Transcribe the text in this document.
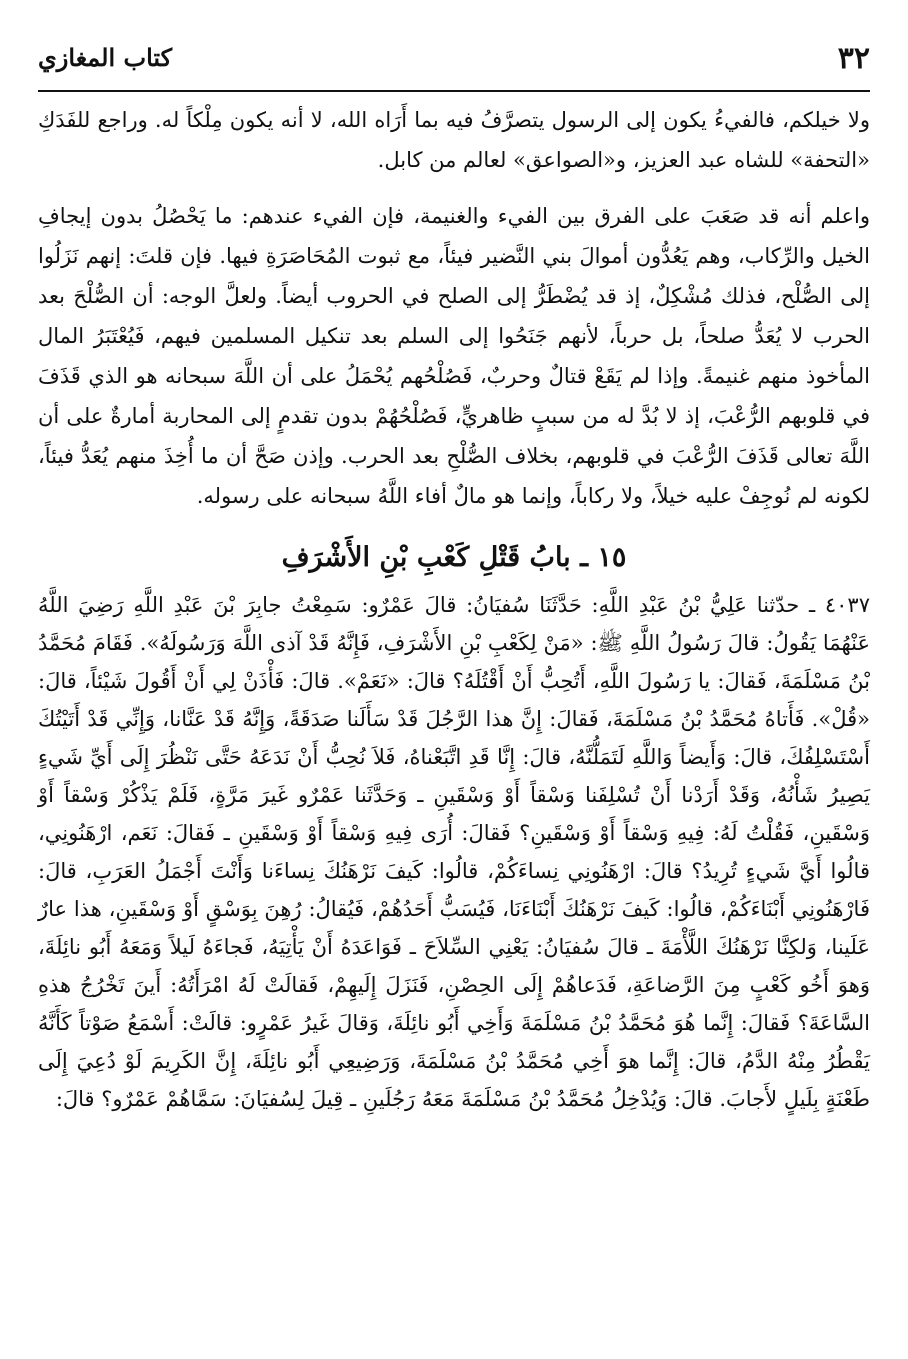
٣٢
كتاب المغازي

ولا خيلكم، فالفيءُ يكون إلى الرسول يتصرَّفُ فيه بما أَرَاه الله، لا أنه يكون مِلْكاً له. وراجع للفَدَكِ «التحفة» للشاه عبد العزيز، و«الصواعق» لعالم من كابل.

واعلم أنه قد صَعَبَ على الفرق بين الفيء والغنيمة، فإن الفيء عندهم: ما يَحْصُلُ بدون إيجافِ الخيل والرِّكاب، وهم يَعُدُّون أموالَ بني النَّضير فيئاً، مع ثبوت المُحَاصَرَةِ فيها. فإن قلتَ: إنهم نَزَلُوا إلى الصُّلْح، فذلك مُشْكِلٌ، إذ قد يُضْطَرُّ إلى الصلح في الحروب أيضاً. ولعلَّ الوجه: أن الصُّلْحَ بعد الحرب لا يُعَدُّ صلحاً، بل حرباً، لأنهم جَنَحُوا إلى السلم بعد تنكيل المسلمين فيهم، فَيُعْتَبَرُ المال المأخوذ منهم غنيمةً. وإذا لم يَقَعْ قتالٌ وحربٌ، فَصُلْحُهم يُحْمَلُ على أن اللَّهَ سبحانه هو الذي قَذَفَ في قلوبهم الرُّعْبَ، إذ لا بُدَّ له من سببٍ ظاهريٍّ، فَصُلْحُهُمْ بدون تقدمٍ إلى المحاربة أمارةٌ على أن اللَّهَ تعالى قَذَفَ الرُّعْبَ في قلوبهم، بخلاف الصُّلْحِ بعد الحرب. وإذن صَحَّ أن ما أُخِذَ منهم يُعَدُّ فيئاً، لكونه لم نُوجِفْ عليه خيلاً، ولا ركاباً، وإنما هو مالٌ أفاء اللَّهُ سبحانه على رسوله.

١٥ ـ بابُ قَتْلِ كَعْبِ بْنِ الأَشْرَفِ

٤٠٣٧ ـ حدّثنا عَلِيُّ بْنُ عَبْدِ اللَّهِ: حَدَّثَنَا سُفيَانُ: قالَ عَمْرٌو: سَمِعْتُ جابِرَ بْنَ عَبْدِ اللَّهِ رَضِيَ اللَّهُ عَنْهُمَا يَقُولُ: قالَ رَسُولُ اللَّهِ ﷺ: «مَنْ لِكَعْبِ بْنِ الأَشْرَفِ، فَإِنَّهُ قَدْ آذى اللَّهَ وَرَسُولَهُ». فَقَامَ مُحَمَّدُ بْنُ مَسْلَمَةَ، فَقالَ: يا رَسُولَ اللَّهِ، أَتُحِبُّ أَنْ أَقْتُلَهُ؟ قالَ: «نَعَمْ». قالَ: فَأْذَنْ لِي أَنْ أَقُولَ شَيْئاً، قالَ: «قُلْ». فَأَتاهُ مُحَمَّدُ بْنُ مَسْلَمَةَ، فَقالَ: إِنَّ هذا الرَّجُلَ قَدْ سَأَلَنا صَدَقَةً، وَإِنَّهُ قَدْ عَنَّانا، وَإِنِّي قَدْ أَتَيْتُكَ أَسْتَسْلِفُكَ، قالَ: وَأَيضاً وَاللَّهِ لَتَمَلُّنَّهُ، قالَ: إِنَّا قَدِ اتَّبَعْناهُ، فَلاَ نُحِبُّ أَنْ نَدَعَهُ حَتَّى نَنْظُرَ إِلَى أَيِّ شَيءٍ يَصِيرُ شَأْنُهُ، وَقَدْ أَرَدْنا أَنْ تُسْلِفَنا وَسْقاً أَوْ وَسْقَينِ ـ وَحَدَّثَنا عَمْرٌو غَيرَ مَرَّةٍ، فَلَمْ يَذْكُرْ وَسْقاً أَوْ وَسْقَينِ، فَقُلْتُ لَهُ: فِيهِ وَسْقاً أَوْ وَسْقَينِ؟ فَقالَ: أُرَى فِيهِ وَسْقاً أَوْ وَسْقَينِ ـ فَقالَ: نَعَم، ارْهَنُونِي، قالُوا أَيَّ شَيءٍ تُرِيدُ؟ قالَ: ارْهَنُونِي نِساءَكُمْ، قالُوا: كَيفَ نَرْهَنُكَ نِساءَنا وَأَنْتَ أَجْمَلُ العَرَبِ، قالَ: فَارْهَنُونِي أَبْنَاءَكُمْ، قالُوا: كَيفَ نَرْهَنُكَ أَبْنَاءَنَا، فَيُسَبُّ أَحَدُهُمْ، فَيُقالُ: رُهِنَ بِوَسْقٍ أَوْ وَسْقَينِ، هذا عارٌ عَلَينا، وَلكِنَّا نَرْهَنُكَ اللَّأْمَةَ ـ قالَ سُفيَانُ: يَعْنِي السِّلاَحَ ـ فَوَاعَدَهُ أَنْ يَأْتِيَهُ، فَجاءَهُ لَيلاً وَمَعَهُ أَبُو نائِلَةَ، وَهوَ أَخُو كَعْبٍ مِنَ الرَّضاعَةِ، فَدَعاهُمْ إِلَى الحِصْنِ، فَنَزَلَ إِلَيهِمْ، فَقالَتْ لَهُ امْرَأَتُهُ: أَينَ تَخْرُجُ هذهِ السَّاعَةَ؟ فَقالَ: إِنَّما هُوَ مُحَمَّدُ بْنُ مَسْلَمَةَ وَأَخِي أَبُو نائِلَةَ، وَقالَ غَيرُ عَمْرٍو: قالَتْ: أَسْمَعُ صَوْتاً كَأَنَّهُ يَقْطُرُ مِنْهُ الدَّمُ، قالَ: إِنَّما هوَ أَخِي مُحَمَّدُ بْنُ مَسْلَمَةَ، وَرَضِيعِي أَبُو نائِلَةَ، إِنَّ الكَرِيمَ لَوْ دُعِيَ إِلَى طَعْنَةٍ بِلَيلٍ لأَجابَ. قالَ: وَيُدْخِلُ مُحَمَّدُ بْنُ مَسْلَمَةَ مَعَهُ رَجُلَينِ ـ قِيلَ لِسُفيَانَ: سَمَّاهُمْ عَمْرٌو؟ قالَ:
